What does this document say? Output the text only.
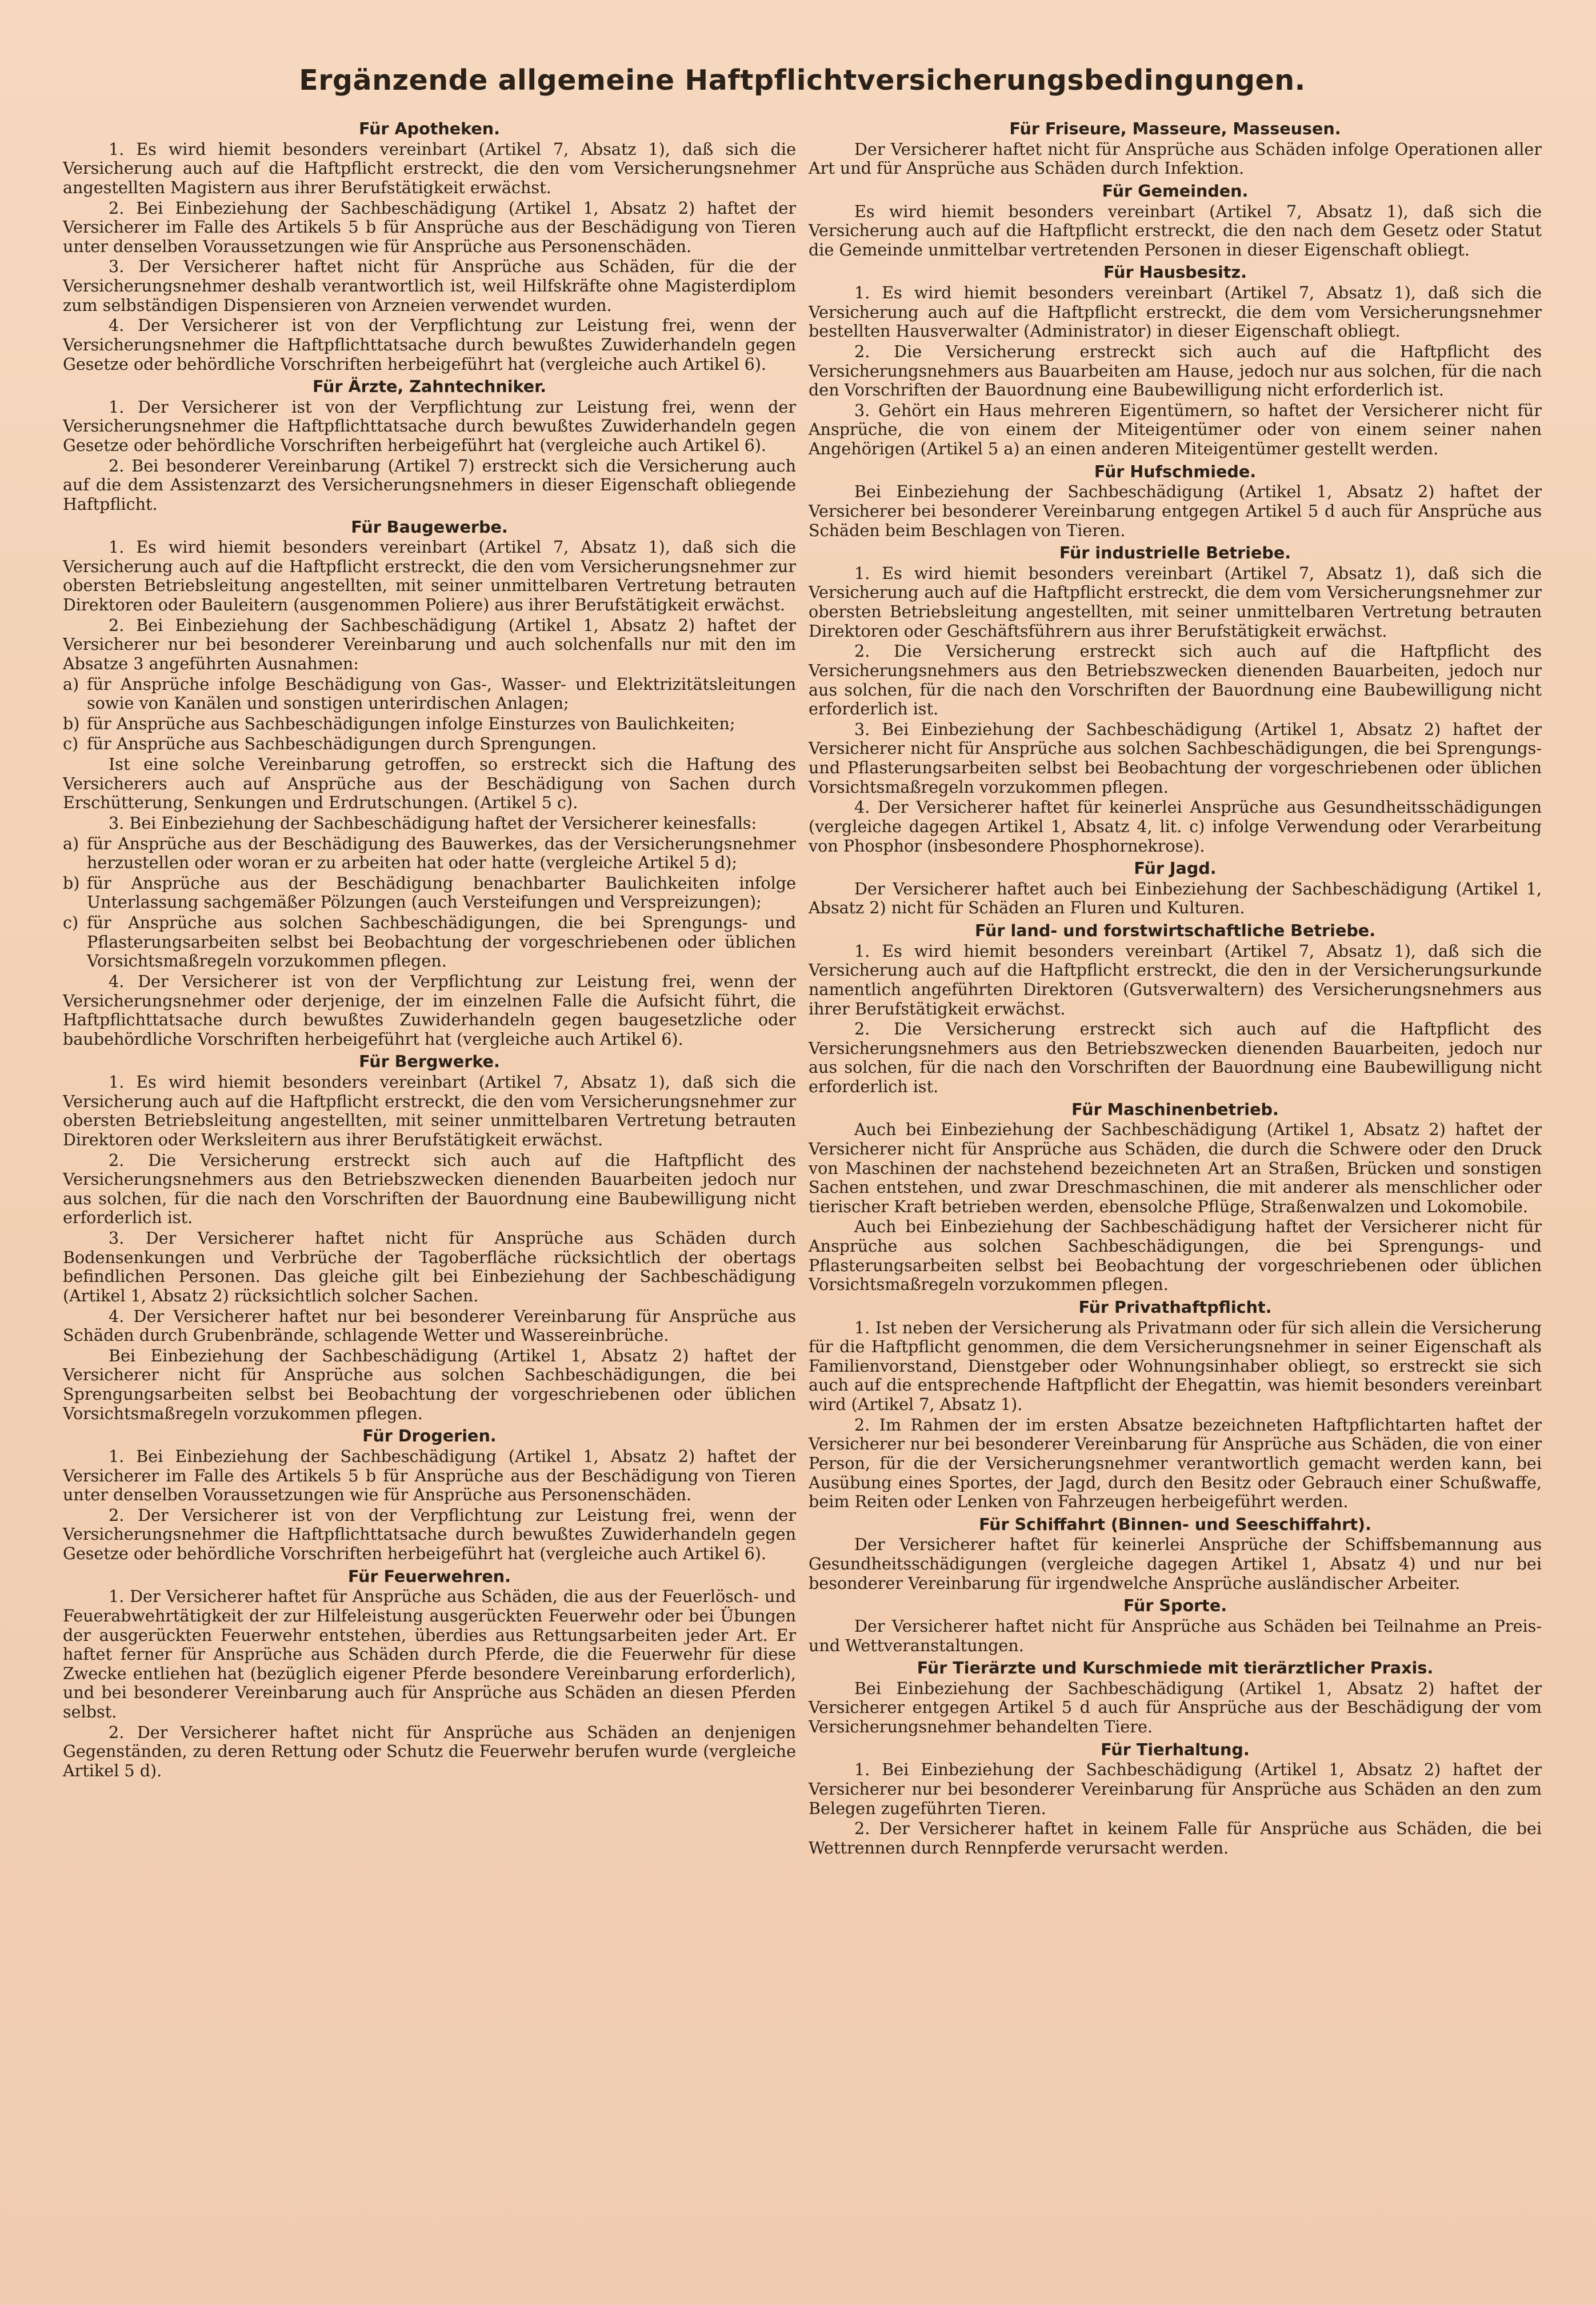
Ergänzende allgemeine Haftpflichtversicherungsbedingungen.
Für Apotheken.

1. Es wird hiemit besonders vereinbart (Artikel 7, Absatz 1), daß sich die Versicherung auch auf die Haftpflicht erstreckt, die den vom Versicherungsnehmer angestellten Magistern aus ihrer Berufstätigkeit erwächst.

2. Bei Einbeziehung der Sachbeschädigung (Artikel 1, Absatz 2) haftet der Versicherer im Falle des Artikels 5 b für Ansprüche aus der Beschädigung von Tieren unter denselben Voraussetzungen wie für Ansprüche aus Personenschäden.

3. Der Versicherer haftet nicht für Ansprüche aus Schäden, für die der Versicherungsnehmer deshalb verantwortlich ist, weil Hilfskräfte ohne Magisterdiplom zum selbständigen Dispensieren von Arzneien verwendet wurden.

4. Der Versicherer ist von der Verpflichtung zur Leistung frei, wenn der Versicherungsnehmer die Haftpflichttatsache durch bewußtes Zuwiderhandeln gegen Gesetze oder behördliche Vorschriften herbeigeführt hat (vergleiche auch Artikel 6).

Für Ärzte, Zahntechniker.

1. Der Versicherer ist von der Verpflichtung zur Leistung frei, wenn der Versicherungsnehmer die Haftpflichttatsache durch bewußtes Zuwiderhandeln gegen Gesetze oder behördliche Vorschriften herbeigeführt hat (vergleiche auch Artikel 6).

2. Bei besonderer Vereinbarung (Artikel 7) erstreckt sich die Versicherung auch auf die dem Assistenzarzt des Versicherungsnehmers in dieser Eigenschaft obliegende Haftpflicht.

Für Baugewerbe.

1. Es wird hiemit besonders vereinbart (Artikel 7, Absatz 1), daß sich die Versicherung auch auf die Haftpflicht erstreckt, die den vom Versicherungsnehmer zur obersten Betriebsleitung angestellten, mit seiner unmittelbaren Vertretung betrauten Direktoren oder Bauleitern (ausgenommen Poliere) aus ihrer Berufstätigkeit erwächst.

2. Bei Einbeziehung der Sachbeschädigung (Artikel 1, Absatz 2) haftet der Versicherer nur bei besonderer Vereinbarung und auch solchenfalls nur mit den im Absatze 3 angeführten Ausnahmen:

a) für Ansprüche infolge Beschädigung von Gas-, Wasser- und Elektrizitätsleitungen sowie von Kanälen und sonstigen unterirdischen Anlagen;

b) für Ansprüche aus Sachbeschädigungen infolge Einsturzes von Baulichkeiten;

c) für Ansprüche aus Sachbeschädigungen durch Sprengungen.

Ist eine solche Vereinbarung getroffen, so erstreckt sich die Haftung des Versicherers auch auf Ansprüche aus der Beschädigung von Sachen durch Erschütterung, Senkungen und Erdrutschungen. (Artikel 5 c).

3. Bei Einbeziehung der Sachbeschädigung haftet der Versicherer keinesfalls:

a) für Ansprüche aus der Beschädigung des Bauwerkes, das der Versicherungsnehmer herzustellen oder woran er zu arbeiten hat oder hatte (vergleiche Artikel 5 d);

b) für Ansprüche aus der Beschädigung benachbarter Baulichkeiten infolge Unterlassung sachgemäßer Pölzungen (auch Versteifungen und Verspreizungen);

c) für Ansprüche aus solchen Sachbeschädigungen, die bei Sprengungs- und Pflasterungsarbeiten selbst bei Beobachtung der vorgeschriebenen oder üblichen Vorsichtsmaßregeln vorzukommen pflegen.

4. Der Versicherer ist von der Verpflichtung zur Leistung frei, wenn der Versicherungsnehmer oder derjenige, der im einzelnen Falle die Aufsicht führt, die Haftpflichttatsache durch bewußtes Zuwiderhandeln gegen baugesetzliche oder baubehördliche Vorschriften herbeigeführt hat (vergleiche auch Artikel 6).

Für Bergwerke.

1. Es wird hiemit besonders vereinbart (Artikel 7, Absatz 1), daß sich die Versicherung auch auf die Haftpflicht erstreckt, die den vom Versicherungsnehmer zur obersten Betriebsleitung angestellten, mit seiner unmittelbaren Vertretung betrauten Direktoren oder Werksleitern aus ihrer Berufstätigkeit erwächst.

2. Die Versicherung erstreckt sich auch auf die Haftpflicht des Versicherungsnehmers aus den Betriebszwecken dienenden Bauarbeiten jedoch nur aus solchen, für die nach den Vorschriften der Bauordnung eine Baubewilligung nicht erforderlich ist.

3. Der Versicherer haftet nicht für Ansprüche aus Schäden durch Bodensenkungen und Verbrüche der Tagoberfläche rücksichtlich der obertags befindlichen Personen. Das gleiche gilt bei Einbeziehung der Sachbeschädigung (Artikel 1, Absatz 2) rücksichtlich solcher Sachen.

4. Der Versicherer haftet nur bei besonderer Vereinbarung für Ansprüche aus Schäden durch Grubenbrände, schlagende Wetter und Wassereinbrüche.

Bei Einbeziehung der Sachbeschädigung (Artikel 1, Absatz 2) haftet der Versicherer nicht für Ansprüche aus solchen Sachbeschädigungen, die bei Sprengungsarbeiten selbst bei Beobachtung der vorgeschriebenen oder üblichen Vorsichtsmaßregeln vorzukommen pflegen.

Für Drogerien.

1. Bei Einbeziehung der Sachbeschädigung (Artikel 1, Absatz 2) haftet der Versicherer im Falle des Artikels 5 b für Ansprüche aus der Beschädigung von Tieren unter denselben Voraussetzungen wie für Ansprüche aus Personenschäden.

2. Der Versicherer ist von der Verpflichtung zur Leistung frei, wenn der Versicherungsnehmer die Haftpflichttatsache durch bewußtes Zuwiderhandeln gegen Gesetze oder behördliche Vorschriften herbeigeführt hat (vergleiche auch Artikel 6).

Für Feuerwehren.

1. Der Versicherer haftet für Ansprüche aus Schäden, die aus der Feuerlösch- und Feuerabwehrtätigkeit der zur Hilfeleistung ausgerückten Feuerwehr oder bei Übungen der ausgerückten Feuerwehr entstehen, überdies aus Rettungsarbeiten jeder Art. Er haftet ferner für Ansprüche aus Schäden durch Pferde, die die Feuerwehr für diese Zwecke entliehen hat (bezüglich eigener Pferde besondere Vereinbarung erforderlich), und bei besonderer Vereinbarung auch für Ansprüche aus Schäden an diesen Pferden selbst.

2. Der Versicherer haftet nicht für Ansprüche aus Schäden an denjenigen Gegenständen, zu deren Rettung oder Schutz die Feuerwehr berufen wurde (vergleiche Artikel 5 d).

Für Friseure, Masseure, Masseusen.

Der Versicherer haftet nicht für Ansprüche aus Schäden infolge Operationen aller Art und für Ansprüche aus Schäden durch Infektion.

Für Gemeinden.

Es wird hiemit besonders vereinbart (Artikel 7, Absatz 1), daß sich die Versicherung auch auf die Haftpflicht erstreckt, die den nach dem Gesetz oder Statut die Gemeinde unmittelbar vertretenden Personen in dieser Eigenschaft obliegt.

Für Hausbesitz.

1. Es wird hiemit besonders vereinbart (Artikel 7, Absatz 1), daß sich die Versicherung auch auf die Haftpflicht erstreckt, die dem vom Versicherungsnehmer bestellten Hausverwalter (Administrator) in dieser Eigenschaft obliegt.

2. Die Versicherung erstreckt sich auch auf die Haftpflicht des Versicherungsnehmers aus Bauarbeiten am Hause, jedoch nur aus solchen, für die nach den Vorschriften der Bauordnung eine Baubewilligung nicht erforderlich ist.

3. Gehört ein Haus mehreren Eigentümern, so haftet der Versicherer nicht für Ansprüche, die von einem der Miteigentümer oder von einem seiner nahen Angehörigen (Artikel 5 a) an einen anderen Miteigentümer gestellt werden.

Für Hufschmiede.

Bei Einbeziehung der Sachbeschädigung (Artikel 1, Absatz 2) haftet der Versicherer bei besonderer Vereinbarung entgegen Artikel 5 d auch für Ansprüche aus Schäden beim Beschlagen von Tieren.

Für industrielle Betriebe.

1. Es wird hiemit besonders vereinbart (Artikel 7, Absatz 1), daß sich die Versicherung auch auf die Haftpflicht erstreckt, die dem vom Versicherungsnehmer zur obersten Betriebsleitung angestellten, mit seiner unmittelbaren Vertretung betrauten Direktoren oder Geschäftsführern aus ihrer Berufstätigkeit erwächst.

2. Die Versicherung erstreckt sich auch auf die Haftpflicht des Versicherungsnehmers aus den Betriebszwecken dienenden Bauarbeiten, jedoch nur aus solchen, für die nach den Vorschriften der Bauordnung eine Baubewilligung nicht erforderlich ist.

3. Bei Einbeziehung der Sachbeschädigung (Artikel 1, Absatz 2) haftet der Versicherer nicht für Ansprüche aus solchen Sachbeschädigungen, die bei Sprengungs- und Pflasterungsarbeiten selbst bei Beobachtung der vorgeschriebenen oder üblichen Vorsichtsmaßregeln vorzukommen pflegen.

4. Der Versicherer haftet für keinerlei Ansprüche aus Gesundheitsschädigungen (vergleiche dagegen Artikel 1, Absatz 4, lit. c) infolge Verwendung oder Verarbeitung von Phosphor (insbesondere Phosphornekrose).

Für Jagd.

Der Versicherer haftet auch bei Einbeziehung der Sachbeschädigung (Artikel 1, Absatz 2) nicht für Schäden an Fluren und Kulturen.

Für land- und forstwirtschaftliche Betriebe.

1. Es wird hiemit besonders vereinbart (Artikel 7, Absatz 1), daß sich die Versicherung auch auf die Haftpflicht erstreckt, die den in der Versicherungsurkunde namentlich angeführten Direktoren (Gutsverwaltern) des Versicherungsnehmers aus ihrer Berufstätigkeit erwächst.

2. Die Versicherung erstreckt sich auch auf die Haftpflicht des Versicherungsnehmers aus den Betriebszwecken dienenden Bauarbeiten, jedoch nur aus solchen, für die nach den Vorschriften der Bauordnung eine Baubewilligung nicht erforderlich ist.

Für Maschinenbetrieb.

Auch bei Einbeziehung der Sachbeschädigung (Artikel 1, Absatz 2) haftet der Versicherer nicht für Ansprüche aus Schäden, die durch die Schwere oder den Druck von Maschinen der nachstehend bezeichneten Art an Straßen, Brücken und sonstigen Sachen entstehen, und zwar Dreschmaschinen, die mit anderer als menschlicher oder tierischer Kraft betrieben werden, ebensolche Pflüge, Straßenwalzen und Lokomobile.

Auch bei Einbeziehung der Sachbeschädigung haftet der Versicherer nicht für Ansprüche aus solchen Sachbeschädigungen, die bei Sprengungs- und Pflasterungsarbeiten selbst bei Beobachtung der vorgeschriebenen oder üblichen Vorsichtsmaßregeln vorzukommen pflegen.

Für Privathaftpflicht.

1. Ist neben der Versicherung als Privatmann oder für sich allein die Versicherung für die Haftpflicht genommen, die dem Versicherungsnehmer in seiner Eigenschaft als Familienvorstand, Dienstgeber oder Wohnungsinhaber obliegt, so erstreckt sie sich auch auf die entsprechende Haftpflicht der Ehegattin, was hiemit besonders vereinbart wird (Artikel 7, Absatz 1).

2. Im Rahmen der im ersten Absatze bezeichneten Haftpflichtarten haftet der Versicherer nur bei besonderer Vereinbarung für Ansprüche aus Schäden, die von einer Person, für die der Versicherungsnehmer verantwortlich gemacht werden kann, bei Ausübung eines Sportes, der Jagd, durch den Besitz oder Gebrauch einer Schußwaffe, beim Reiten oder Lenken von Fahrzeugen herbeigeführt werden.

Für Schiffahrt (Binnen- und Seeschiffahrt).

Der Versicherer haftet für keinerlei Ansprüche der Schiffsbemannung aus Gesundheitsschädigungen (vergleiche dagegen Artikel 1, Absatz 4) und nur bei besonderer Vereinbarung für irgendwelche Ansprüche ausländischer Arbeiter.

Für Sporte.

Der Versicherer haftet nicht für Ansprüche aus Schäden bei Teilnahme an Preis- und Wettveranstaltungen.

Für Tierärzte und Kurschmiede mit tierärztlicher Praxis.

Bei Einbeziehung der Sachbeschädigung (Artikel 1, Absatz 2) haftet der Versicherer entgegen Artikel 5 d auch für Ansprüche aus der Beschädigung der vom Versicherungsnehmer behandelten Tiere.

Für Tierhaltung.

1. Bei Einbeziehung der Sachbeschädigung (Artikel 1, Absatz 2) haftet der Versicherer nur bei besonderer Vereinbarung für Ansprüche aus Schäden an den zum Belegen zugeführten Tieren.

2. Der Versicherer haftet in keinem Falle für Ansprüche aus Schäden, die bei Wettrennen durch Rennpferde verursacht werden.
